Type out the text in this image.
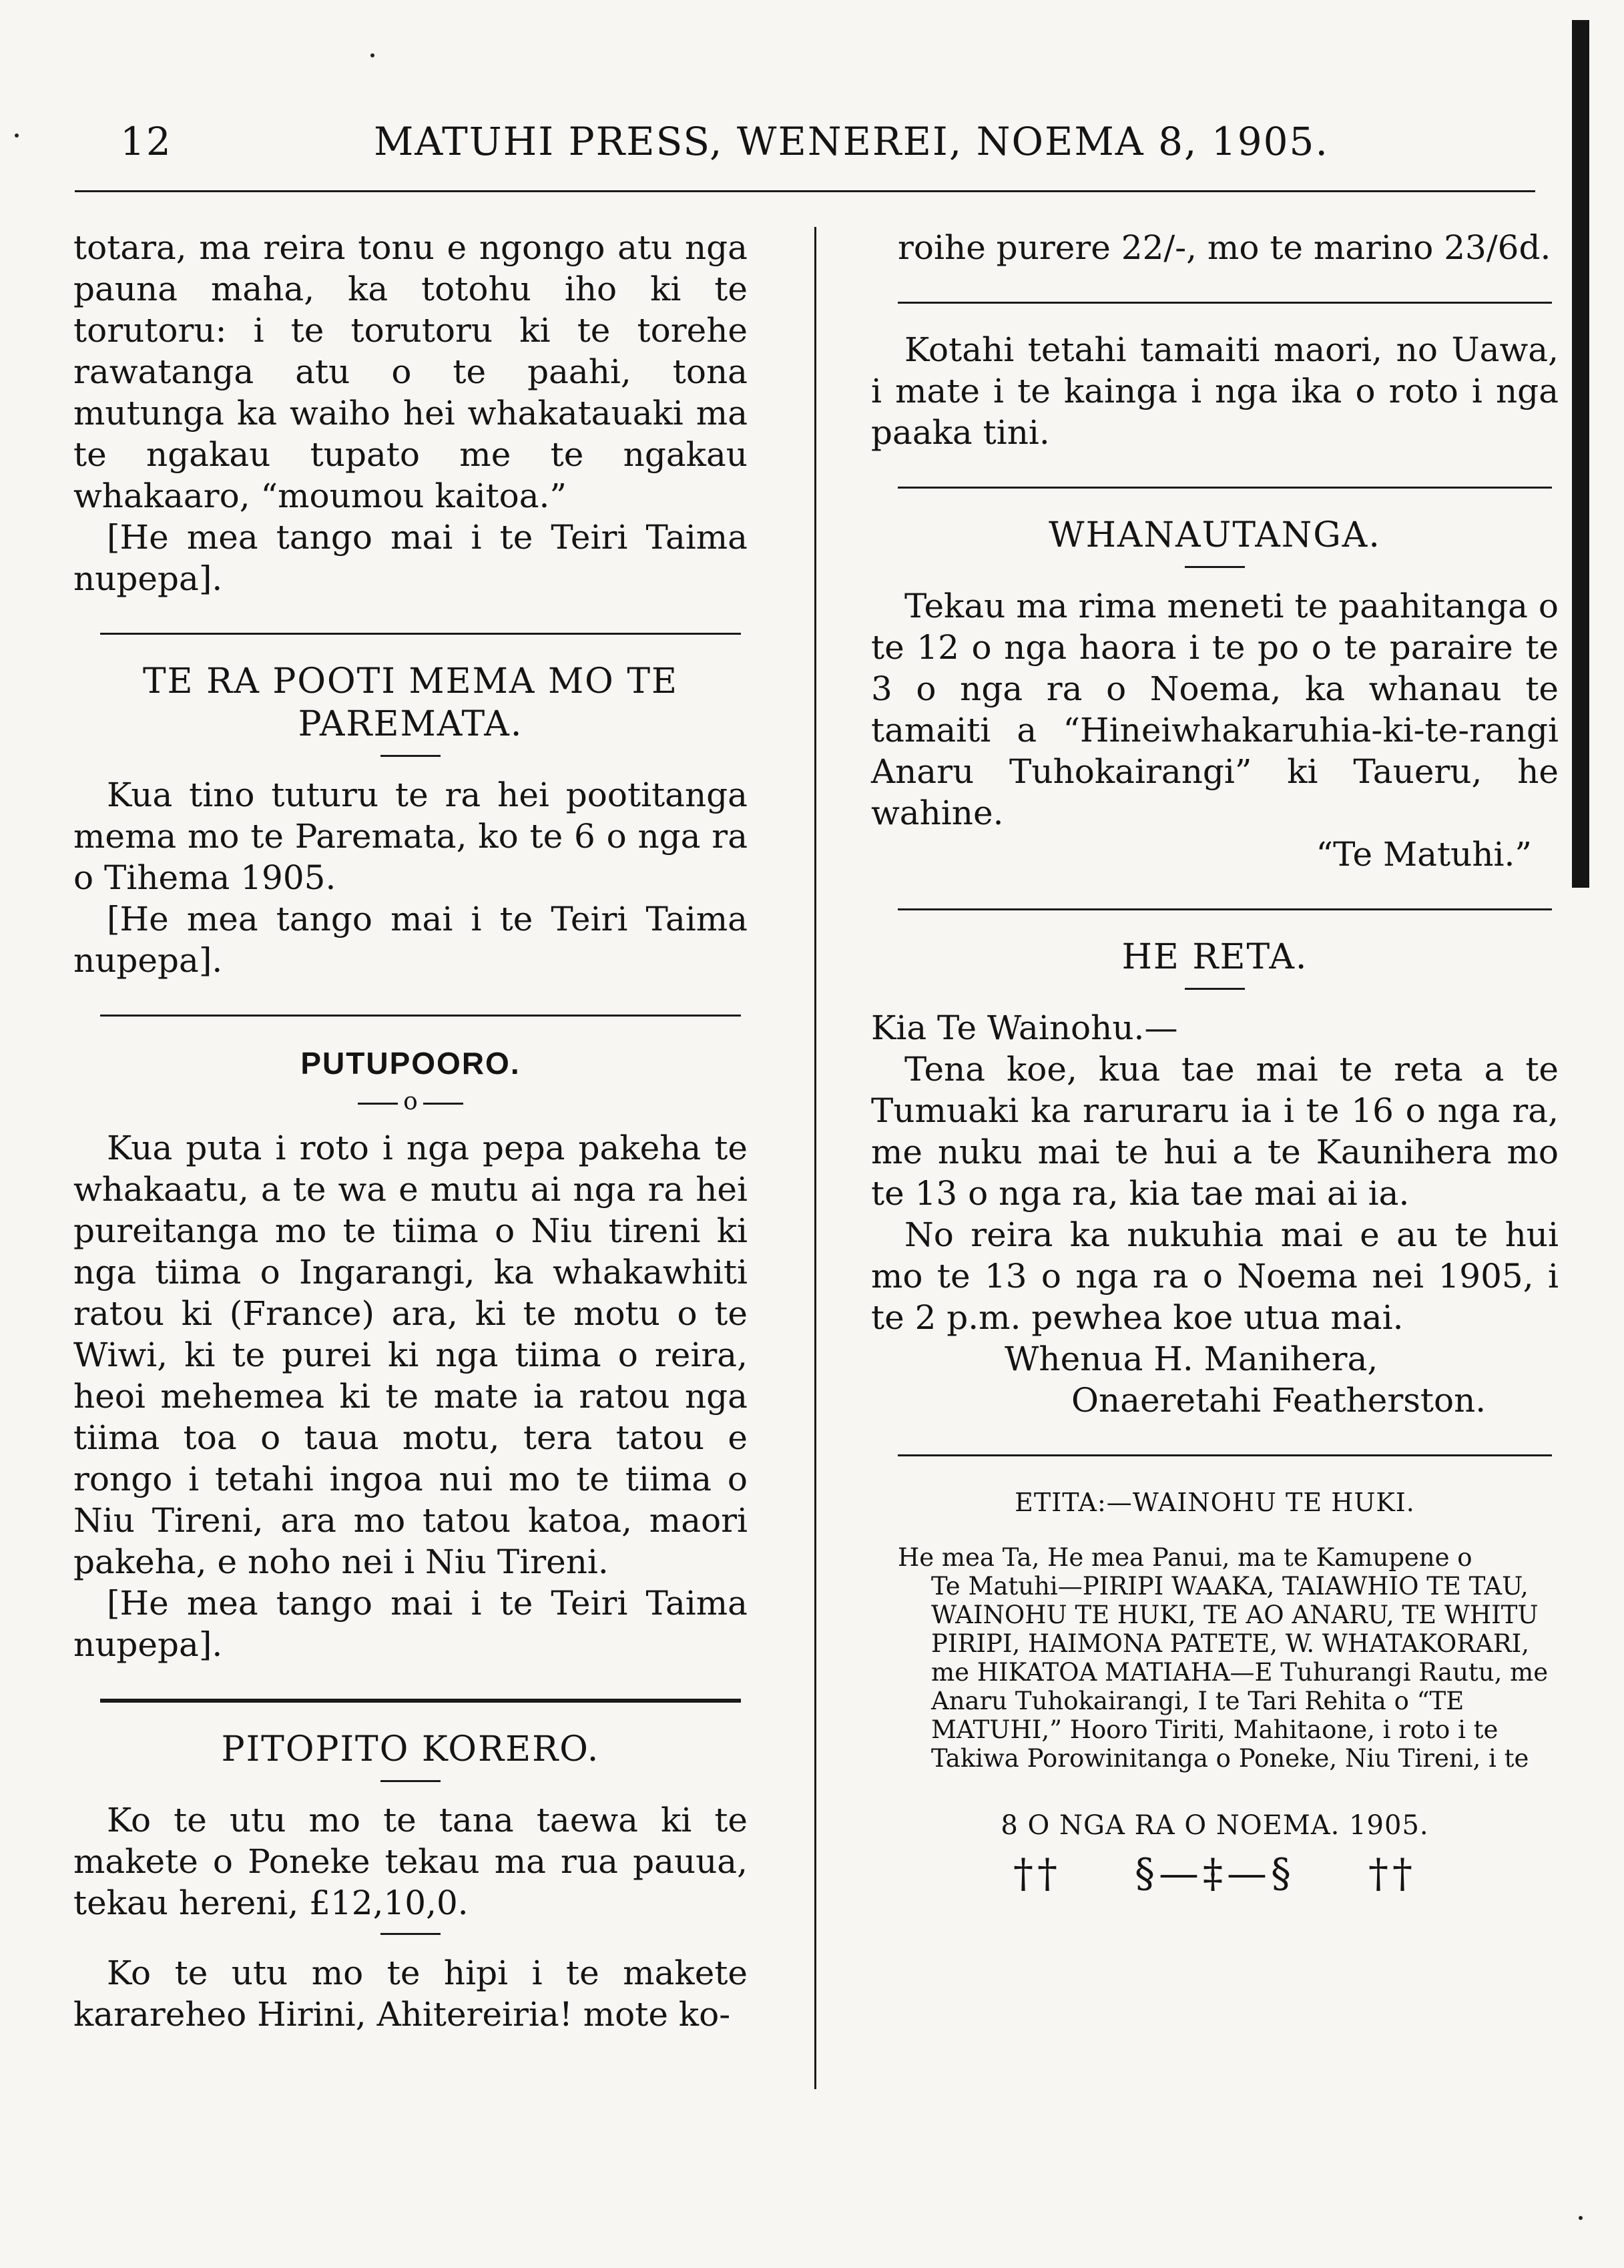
12	MATUHI PRESS, WENEREI, NOEMA 8, 1905.

totara, ma reira tonu e ngongo atu nga pauna maha, ka totohu iho ki te torutoru: i te torutoru ki te torehe rawatanga atu o te paahi, tona mutunga ka waiho hei whakatauaki ma te ngakau tupato me te ngakau whakaaro, “moumou kaitoa.”

[He mea tango mai i te Teiri Taima nupepa].

TE RA POOTI MEMA MO TE PAREMATA.

Kua tino tuturu te ra hei pootitanga mema mo te Paremata, ko te 6 o nga ra o Tihema 1905.

[He mea tango mai i te Teiri Taima nupepa].

PUTUPOORO.
o

Kua puta i roto i nga pepa pakeha te whakaatu, a te wa e mutu ai nga ra hei pureitanga mo te tiima o Niu tireni ki nga tiima o Ingarangi, ka whakawhiti ratou ki (France) ara, ki te motu o te Wiwi, ki te purei ki nga tiima o reira, heoi mehemea ki te mate ia ratou nga tiima toa o taua motu, tera tatou e rongo i tetahi ingoa nui mo te tiima o Niu Tireni, ara mo tatou katoa, maori pakeha, e noho nei i Niu Tireni.

[He mea tango mai i te Teiri Taima nupepa].

PITOPITO KORERO.

Ko te utu mo te tana taewa ki te makete o Poneke tekau ma rua pauua, tekau hereni, £12,10,0.

Ko te utu mo te hipi i te makete karareheo Hirini, Ahitereiria! mote ko-

roihe purere 22/-, mo te marino 23/6d.

Kotahi tetahi tamaiti maori, no Uawa, i mate i te kainga i nga ika o roto i nga paaka tini.

WHANAUTANGA.

Tekau ma rima meneti te paahitanga o te 12 o nga haora i te po o te paraire te 3 o nga ra o Noema, ka whanau te tamaiti a “Hineiwhakaruhia-ki-te-rangi Anaru Tuhokairangi” ki Taueru, he wahine.

“Te Matuhi.”

HE RETA.

Kia Te Wainohu.—

Tena koe, kua tae mai te reta a te Tumuaki ka raruraru ia i te 16 o nga ra, me nuku mai te hui a te Kaunihera mo te 13 o nga ra, kia tae mai ai ia.

No reira ka nukuhia mai e au te hui mo te 13 o nga ra o Noema nei 1905, i te 2 p.m. pewhea koe utua mai.

Whenua H. Manihera,

Onaeretahi Featherston.

ETITA:—WAINOHU TE HUKI.

He mea Ta, He mea Panui, ma te Kamupene o
Te Matuhi—PIRIPI WAAKA, TAIAWHIO TE TAU, WAINOHU TE HUKI, TE AO ANARU, TE WHITU PIRIPI, HAIMONA PATETE, W. WHATAKORARI, me HIKATOA MATIAHA—E Tuhurangi Rautu, me Anaru Tuhokairangi, I te Tari Rehita o “TE MATUHI,” Hooro Tiriti, Mahitaone, i roto i te Takiwa Porowinitanga o Poneke, Niu Tireni, i te

8 O NGA RA O NOEMA. 1905.
†† §—‡—§ ††
